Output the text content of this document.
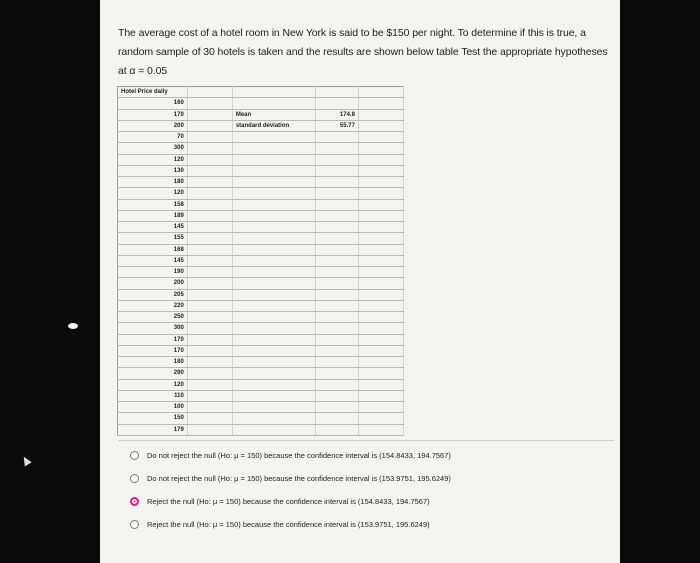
The average cost of a hotel room in New York is said to be $150 per night. To determine if this is true, a random sample of 30 hotels is taken and the results are shown below table Test the appropriate hypotheses at α = 0.05

Hotel Price daily				
160				
170		Mean	174.8	
200		standard deviation	55.77	
70				
300				
120				
130				
180				
120				
158				
189				
145				
155				
168				
145				
190				
200				
205				
220				
250				
300				
170				
170				
180				
290				
120				
110				
100				
150				
179				
Do not reject the null (Ho: μ = 150) because the confidence interval is (154.8433, 194.7567)
Do not reject the null (Ho: μ = 150) because the confidence interval is (153.9751, 195.6249)
Reject the null (Ho: μ = 150) because the confidence interval is (154.8433, 194.7567)
Reject the null (Ho: μ = 150) because the confidence interval is (153.9751, 195.6249)
